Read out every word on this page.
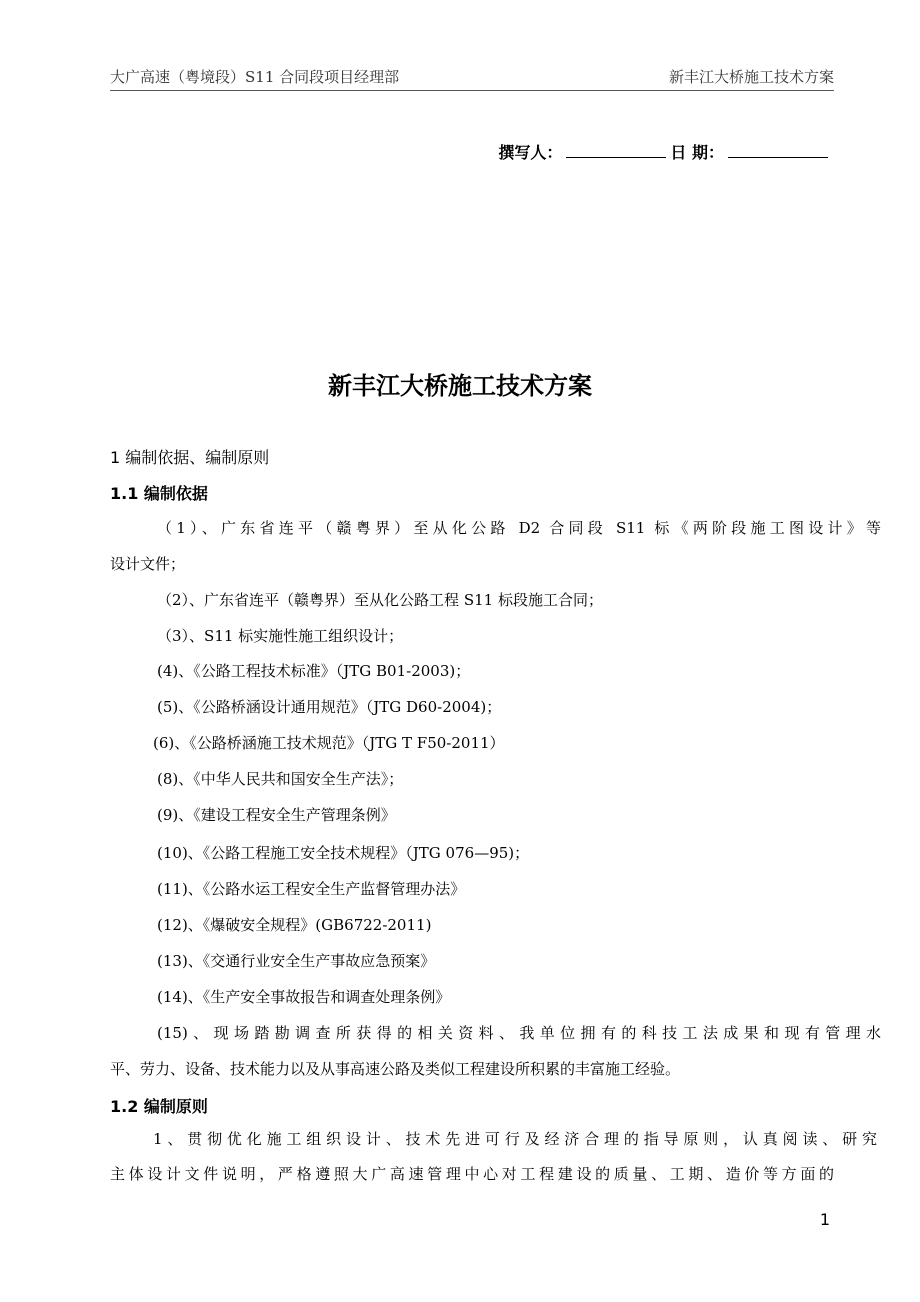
大广高速（粤境段）S11 合同段项目经理部	新丰江大桥施工技术方案
撰写人：	日 期：
新丰江大桥施工技术方案
1 编制依据、编制原则
1.1 编制依据
（1）、广东省连平（赣粤界）至从化公路 D2 合同段 S11 标《两阶段施工图设计》等
设计文件；
（2）、广东省连平（赣粤界）至从化公路工程 S11 标段施工合同；
（3）、S11 标实施性施工组织设计；
(4)、《公路工程技术标准》（JTG B01-2003)；
(5)、《公路桥涵设计通用规范》（JTG D60-2004)；
(6)、《公路桥涵施工技术规范》（JTG T F50-2011）
(8)、《中华人民共和国安全生产法》；
(9)、《建设工程安全生产管理条例》
(10)、《公路工程施工安全技术规程》（JTG 076—95)；
(11)、《公路水运工程安全生产监督管理办法》
(12)、《爆破安全规程》(GB6722-2011)
(13)、《交通行业安全生产事故应急预案》
(14)、《生产安全事故报告和调查处理条例》
(15)、现场踏勘调查所获得的相关资料、我单位拥有的科技工法成果和现有管理水
平、劳力、设备、技术能力以及从事高速公路及类似工程建设所积累的丰富施工经验。
1.2 编制原则
1、贯彻优化施工组织设计、技术先进可行及经济合理的指导原则，认真阅读、研究
主体设计文件说明，严格遵照大广高速管理中心对工程建设的质量、工期、造价等方面的
1
